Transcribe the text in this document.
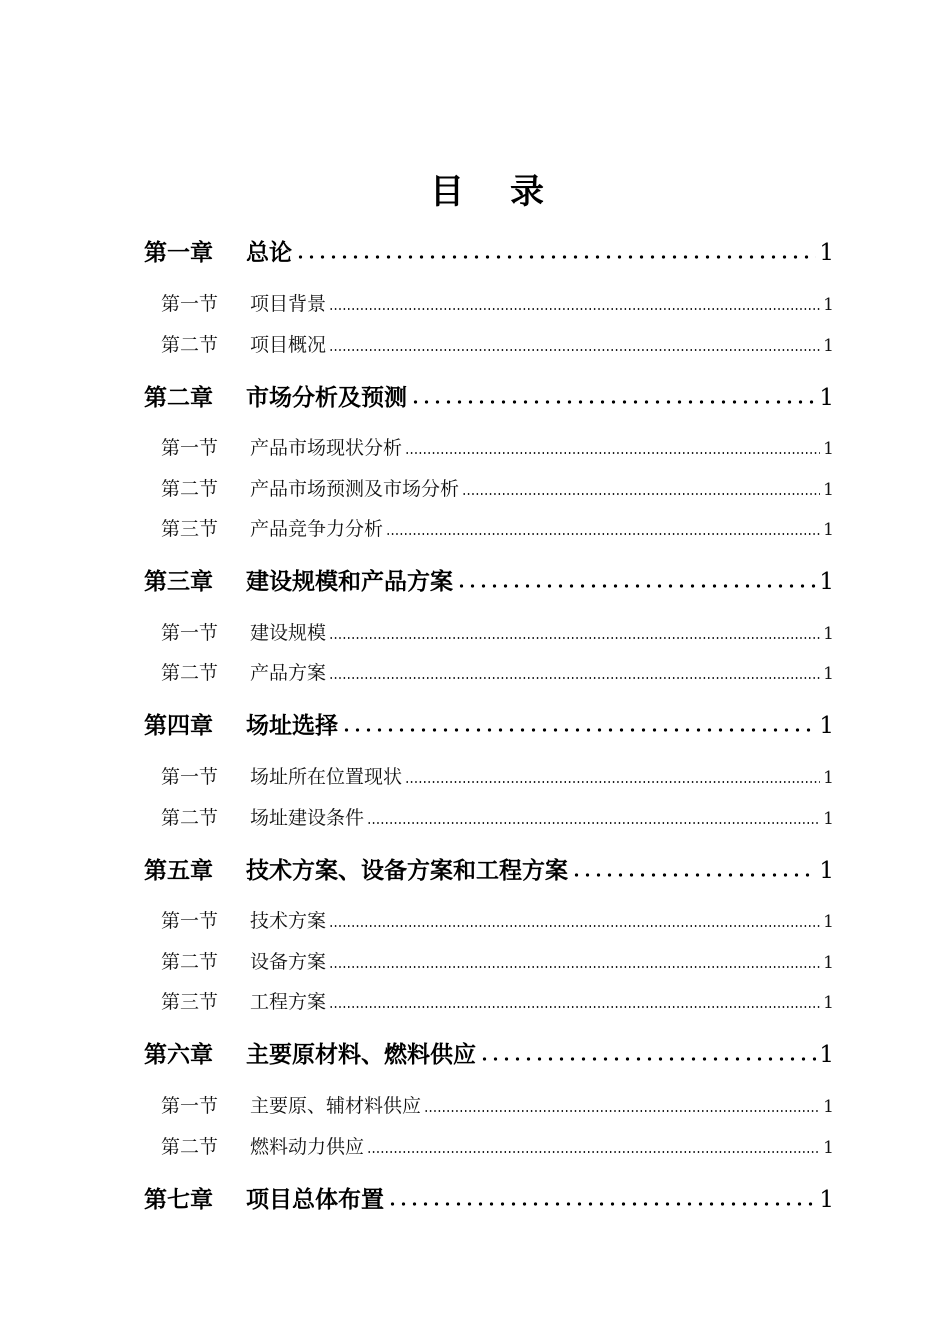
目 录
第一章	总论	1
第一节	项目背景	1
第二节	项目概况	1
第二章	市场分析及预测	1
第一节	产品市场现状分析	1
第二节	产品市场预测及市场分析	1
第三节	产品竞争力分析	1
第三章	建设规模和产品方案	1
第一节	建设规模	1
第二节	产品方案	1
第四章	场址选择	1
第一节	场址所在位置现状	1
第二节	场址建设条件	1
第五章	技术方案、设备方案和工程方案	1
第一节	技术方案	1
第二节	设备方案	1
第三节	工程方案	1
第六章	主要原材料、燃料供应	1
第一节	主要原、辅材料供应	1
第二节	燃料动力供应	1
第七章	项目总体布置	1
